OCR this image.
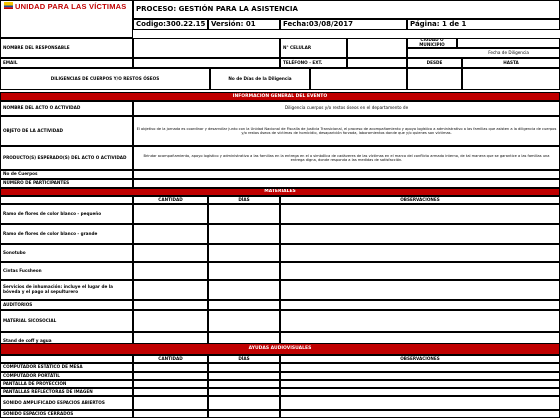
UNIDAD PARA LAS VÍCTIMAS	PROCESO: GESTIÓN PARA LA ASISTENCIA
Codigo:300.22.15 Versión: 01	Fecha:03/08/2017	Página: 1 de 1
NOMBRE DEL RESPONSABLE	N° CELULAR
CIUDAD O MUNICIPIO
Fecha de Diligencia
EMAIL	TELÉFONO - EXT.	DESDE	HASTA
DILIGENCIAS DE CUERPOS Y/O RESTOS ÓSEOS	No de Días de la Diligencia
INFORMACIÓN GENERAL DEL EVENTO
NOMBRE DEL ACTO O ACTIVIDAD	Diligencia cuerpos y/o restos óseos en el departamento de
OBJETO DE LA ACTIVIDAD	El objetivo de la jornada es coordinar y desarrollar junto con la Unidad Nacional de Fiscalía de Justicia Transicional, el proceso de acompañamiento y apoyo logístico a administrativo a las familias que asisten a la diligencia de cuerpos y/o restos óseos de víctimas de homicidio, desaparición forzada, laboramientos donde que y/o quienes son víctimas.
PRODUCTO(S) ESPERADO(S) DEL ACTO O ACTIVIDAD	Brindar acompañamiento, apoyo logístico y administrativo a las familias en la entrega en el o simbólica de cadáveres de las víctimas en el marco del conflicto armado interno, de tal manera que se garantice a las familias una entrega digna, donde responda a las medidas de satisfacción.
No de Cuerpos
NÚMERO DE PARTICIPANTES
MATERIALES
CANTIDAD	DÍAS	OBSERVACIONES
Ramo de flores de color blanco - pequeño
Ramo de flores de color blanco - grande
Sonotubo
Cintas Fucsheon
Servicios de inhumación: incluye el lugar de la bóveda y el pago al sepulturero
AUDITORIOS
MATERIAL SICOSOCIAL
Stand de coff y agua
AYUDAS AUDIOVISUALES
CANTIDAD	DÍAS	OBSERVACIONES
COMPUTADOR ESTÁTICO DE MESA
COMPUTADOR PORTÁTIL
PANTALLA DE PROYECCIÓN
PANTALLAS REFLECTORAS DE IMAGEN
SONIDO AMPLIFICADO ESPACIOS ABIERTOS
SONIDO ESPACIOS CERRADOS
